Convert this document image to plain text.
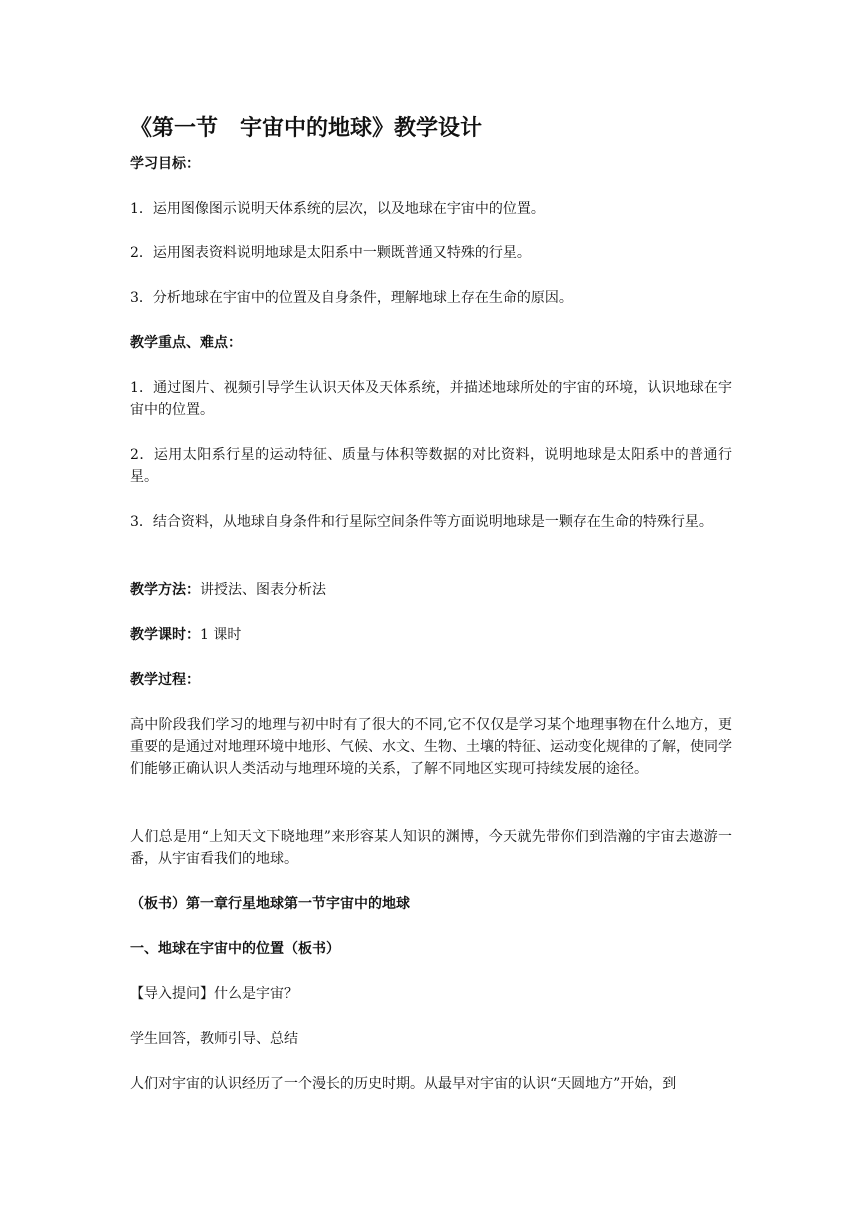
《第一节　宇宙中的地球》教学设计
学习目标：
1．运用图像图示说明天体系统的层次，以及地球在宇宙中的位置。
2．运用图表资料说明地球是太阳系中一颗既普通又特殊的行星。
3．分析地球在宇宙中的位置及自身条件，理解地球上存在生命的原因。
教学重点、难点：
1．通过图片、视频引导学生认识天体及天体系统，并描述地球所处的宇宙的环境，认识地球在宇宙中的位置。
2．运用太阳系行星的运动特征、质量与体积等数据的对比资料，说明地球是太阳系中的普通行星。
3．结合资料，从地球自身条件和行星际空间条件等方面说明地球是一颗存在生命的特殊行星。
教学方法：讲授法、图表分析法
教学课时：1 课时
教学过程：
高中阶段我们学习的地理与初中时有了很大的不同,它不仅仅是学习某个地理事物在什么地方，更重要的是通过对地理环境中地形、气候、水文、生物、土壤的特征、运动变化规律的了解，使同学们能够正确认识人类活动与地理环境的关系，了解不同地区实现可持续发展的途径。
人们总是用“上知天文下晓地理”来形容某人知识的渊博，今天就先带你们到浩瀚的宇宙去遨游一番，从宇宙看我们的地球。
（板书）第一章行星地球第一节宇宙中的地球
一、地球在宇宙中的位置（板书）
【导入提问】什么是宇宙？
学生回答，教师引导、总结
人们对宇宙的认识经历了一个漫长的历史时期。从最早对宇宙的认识“天圆地方”开始，到
